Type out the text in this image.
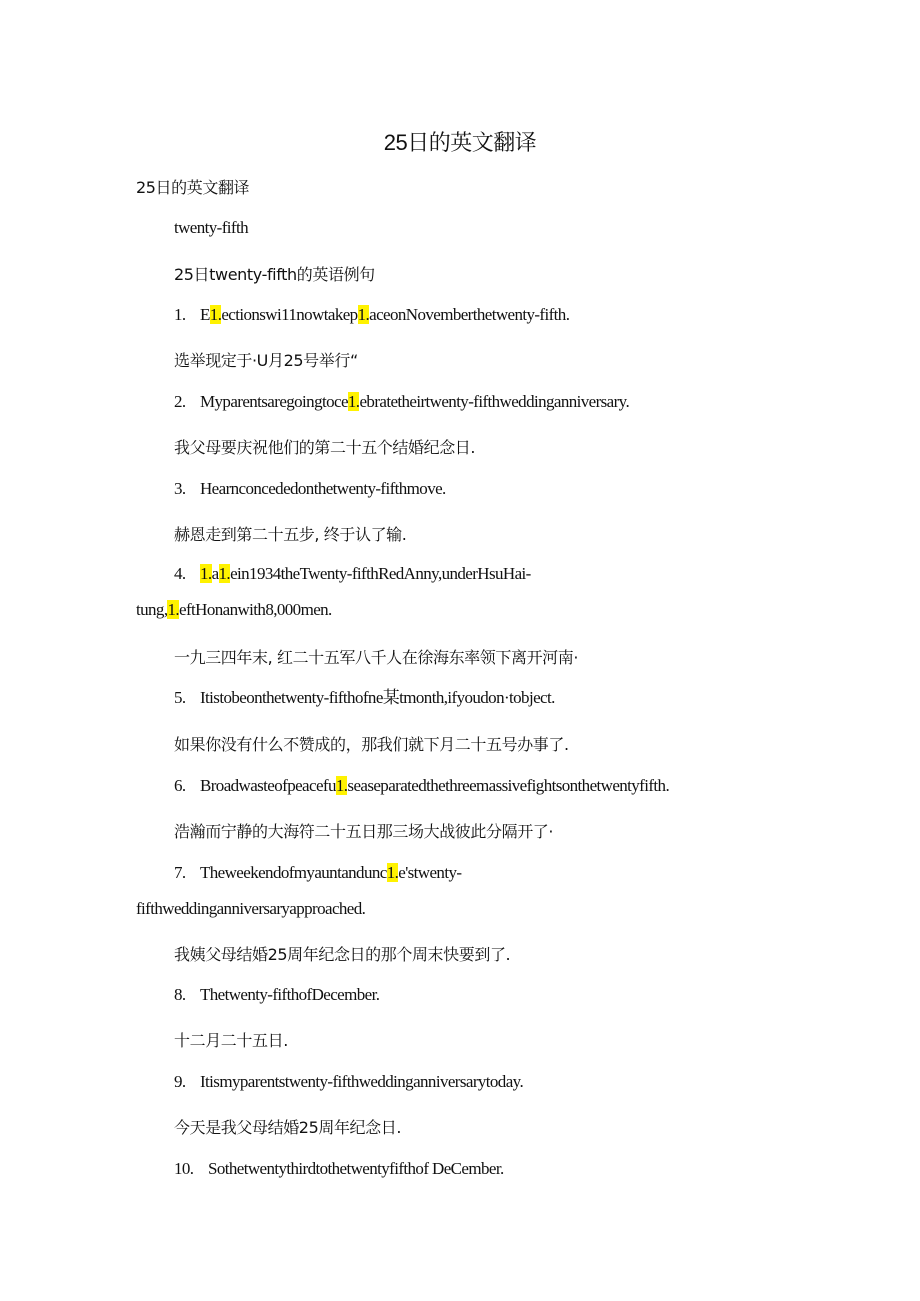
25日的英文翻译
25日的英文翻译
twenty-fifth
25日twenty-fifth的英语例句
1. E1.ectionswi11nowtakep1.aceonNovemberthetwenty-fifth.
选举现定于·U月25号举行“
2. Myparentsaregoingtoce1.ebratetheirtwenty-fifthweddinganniversary.
我父母要庆祝他们的第二十五个结婚纪念日.
3. Hearnconcededonthetwenty-fifthmove.
赫恩走到第二十五步, 终于认了输.
4. 1.a1.ein1934theTwenty-fifthRedAnny,underHsuHai-
tung,1.eftHonanwith8,000men.
一九三四年末, 红二十五军八千人在徐海东率领下离开河南·
5. Itistobeonthetwenty-fifthofne某tmonth,ifyoudon·tobject.
如果你没有什么不赞成的，那我们就下月二十五号办事了.
6. Broadwasteofpeacefu1.seaseparatedthethreemassivefightsonthetwentyfifth.
浩瀚而宁静的大海符二十五日那三场大战彼此分隔开了·
7. Theweekendofmyauntandunc1.e'stwenty-
fifthweddinganniversaryapproached.
我姨父母结婚25周年纪念日的那个周末快要到了.
8. Thetwenty-fifthofDecember.
十二月二十五日.
9. Itismyparentstwenty-fifthweddinganniversarytoday.
今天是我父母结婚25周年纪念日.
10. Sothetwentythirdtothetwentyfifthof DeCember.
